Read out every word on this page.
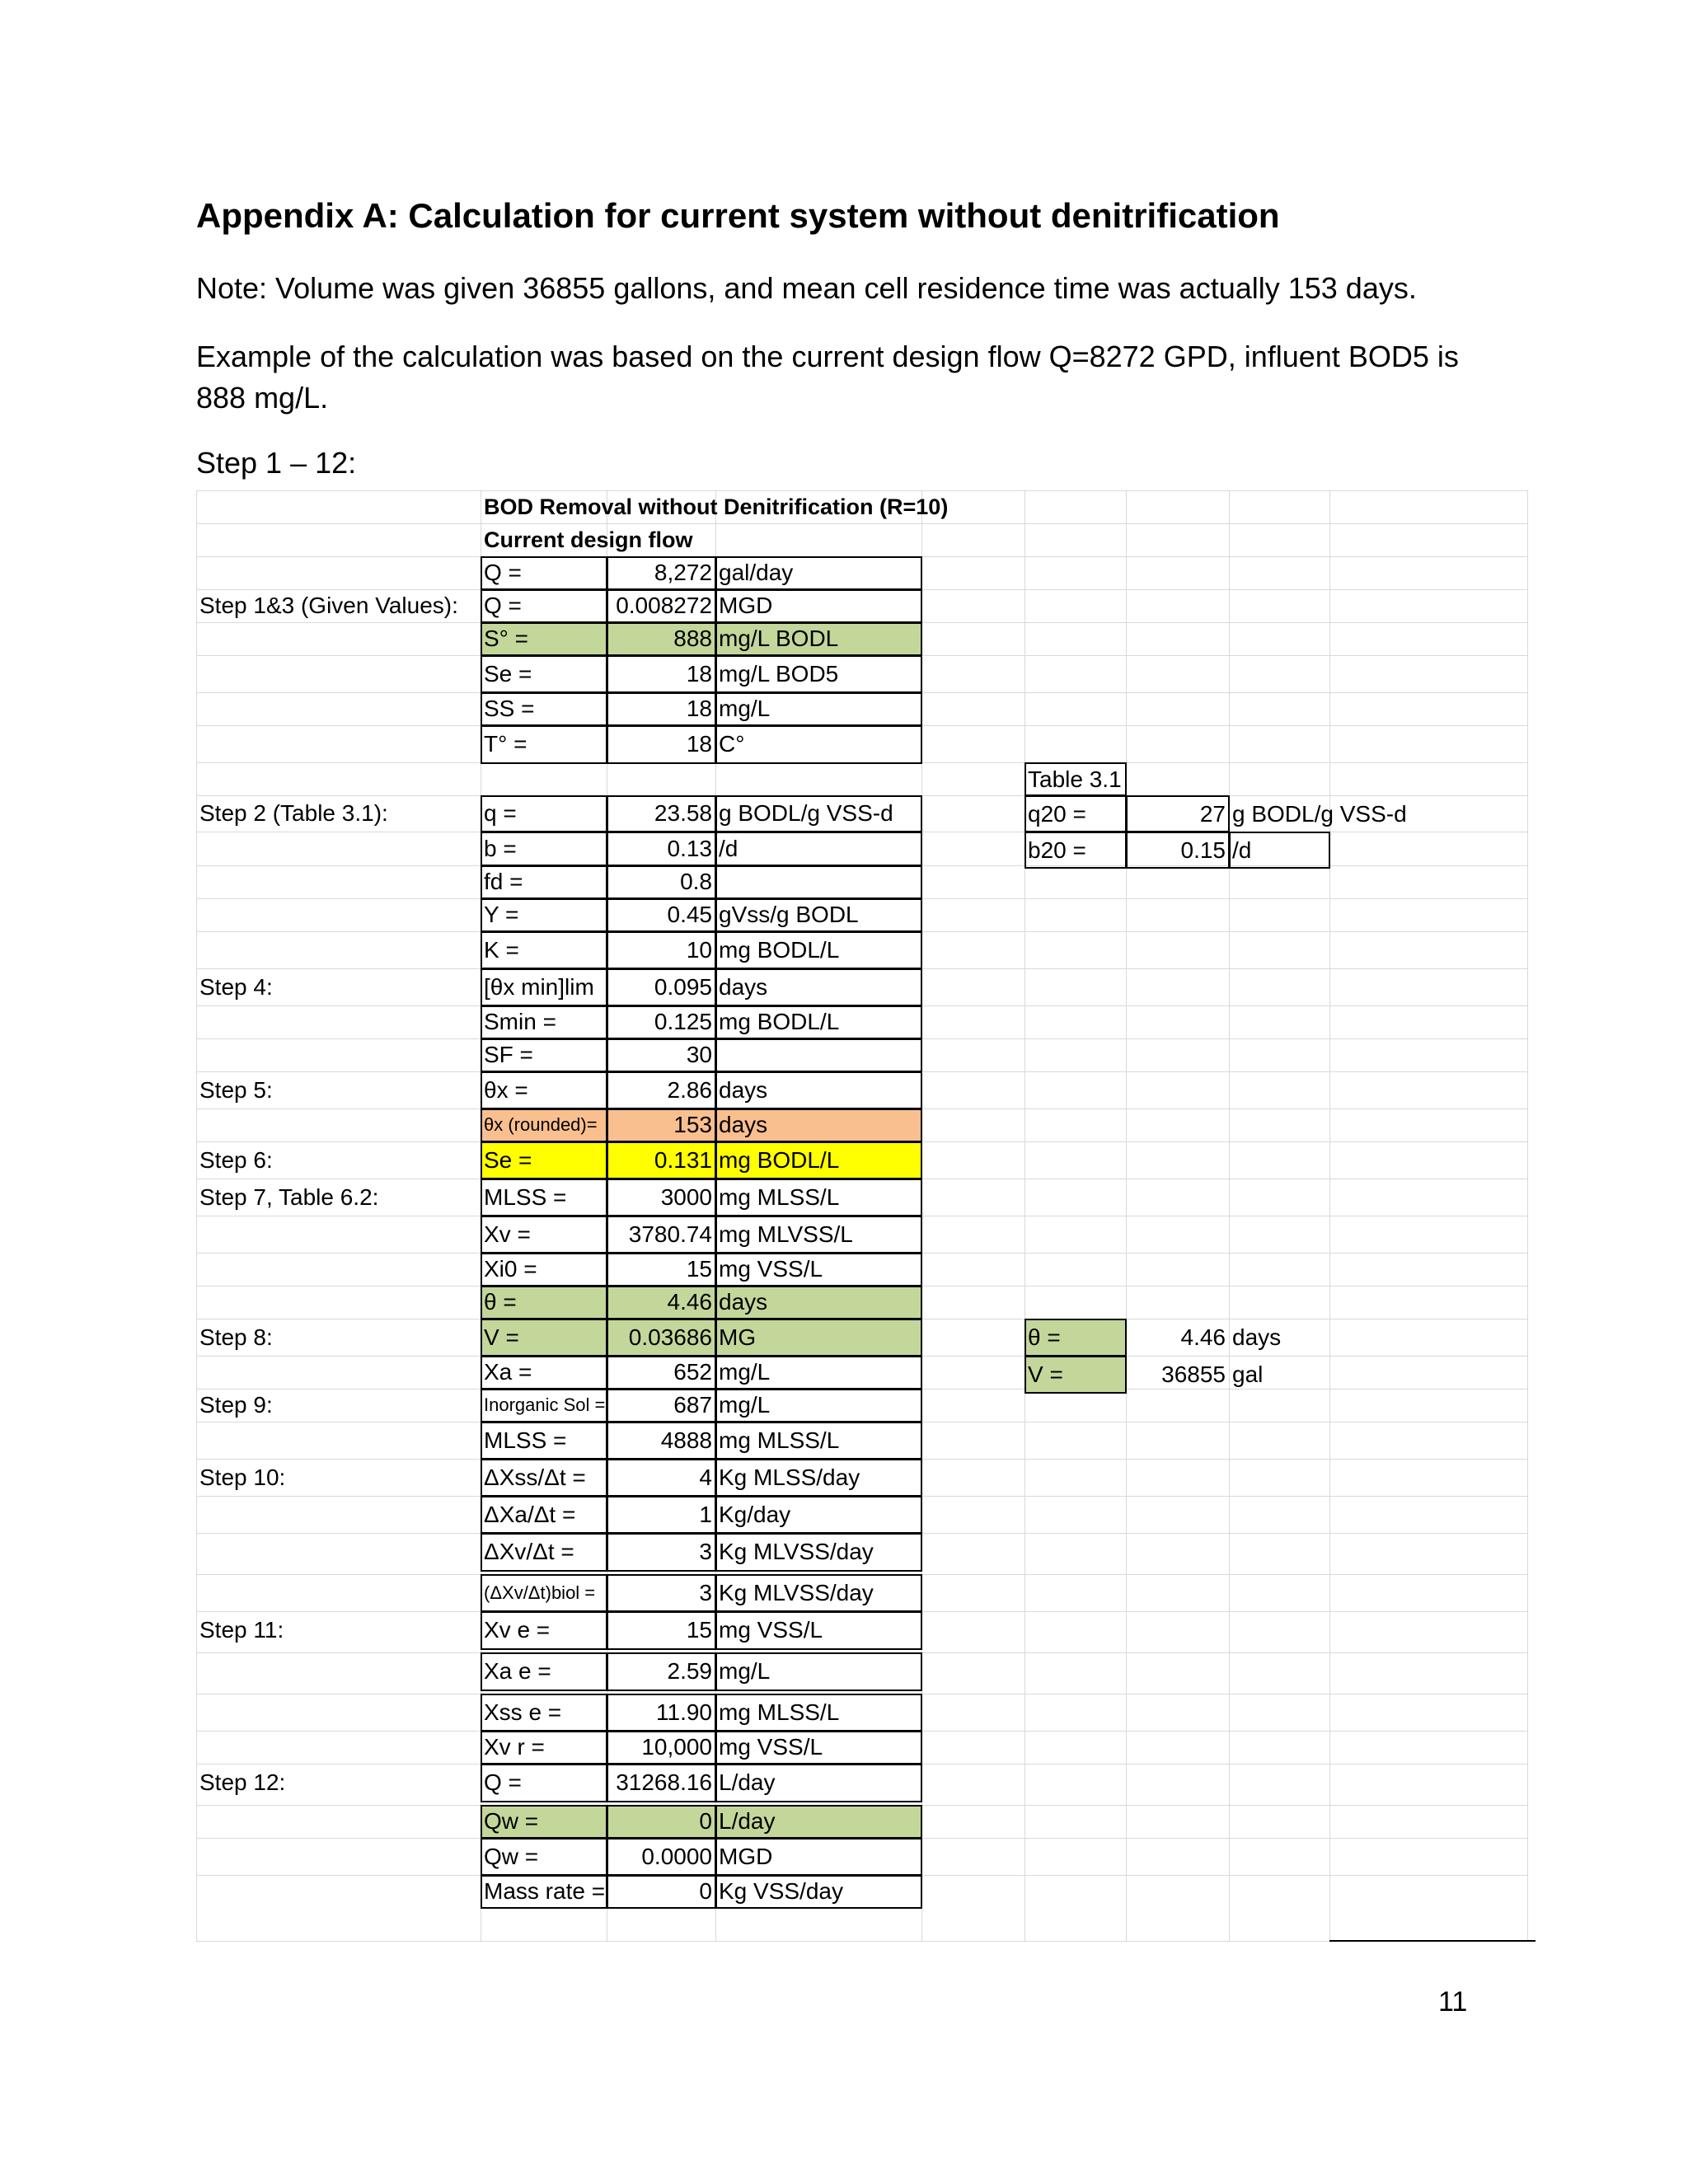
Appendix A: Calculation for current system without denitrification
Note: Volume was given 36855 gallons, and mean cell residence time was actually 153 days.
Example of the calculation was based on the current design flow Q=8272 GPD, influent BOD5 is 888 mg/L.
Step 1 – 12:
BOD Removal without Denitrification (R=10)
Current design flow
Q =	8,272 gal/day
Step 1&3 (Given Values): Q =	0.008272 MGD
S° =	888 mg/L BODL
Se =	18 mg/L BOD5
SS =	18 mg/L
T° =	18 C°
Step 2 (Table 3.1):	q =	23.58 g BODL/g VSS-d
b =	0.13 /d
fd =	0.8
Y =	0.45 gVss/g BODL
K =	10 mg BODL/L
Step 4:	[θx min]lim	0.095 days
Smin =	0.125 mg BODL/L
SF =	30
Step 5:	θx =	2.86 days
θx (rounded)=	153 days
Step 6:	Se =	0.131 mg BODL/L
Step 7, Table 6.2:	MLSS =	3000 mg MLSS/L
Xv =	3780.74 mg MLVSS/L
Xi0 =	15 mg VSS/L
θ =	4.46 days
Step 8:	V =	0.03686 MG
Xa =	652 mg/L
Step 9:	Inorganic Sol =	687 mg/L
MLSS =	4888 mg MLSS/L
Step 10:	ΔXss/Δt =	4 Kg MLSS/day
ΔXa/Δt =	1 Kg/day
ΔXv/Δt =	3 Kg MLVSS/day
(ΔXv/Δt)biol =	3 Kg MLVSS/day
Step 11:	Xv e =	15 mg VSS/L
Xa e =	2.59 mg/L
Xss e =	11.90 mg MLSS/L
Xv r =	10,000 mg VSS/L
Step 12:	Q =	31268.16 L/day
Qw =	0 L/day
Qw =	0.0000 MGD
Mass rate =	0 Kg VSS/day
Table 3.1
q20 =	27 g BODL/g VSS-d
b20 =	0.15 /d
θ =	4.46 days
V =	36855 gal
11
